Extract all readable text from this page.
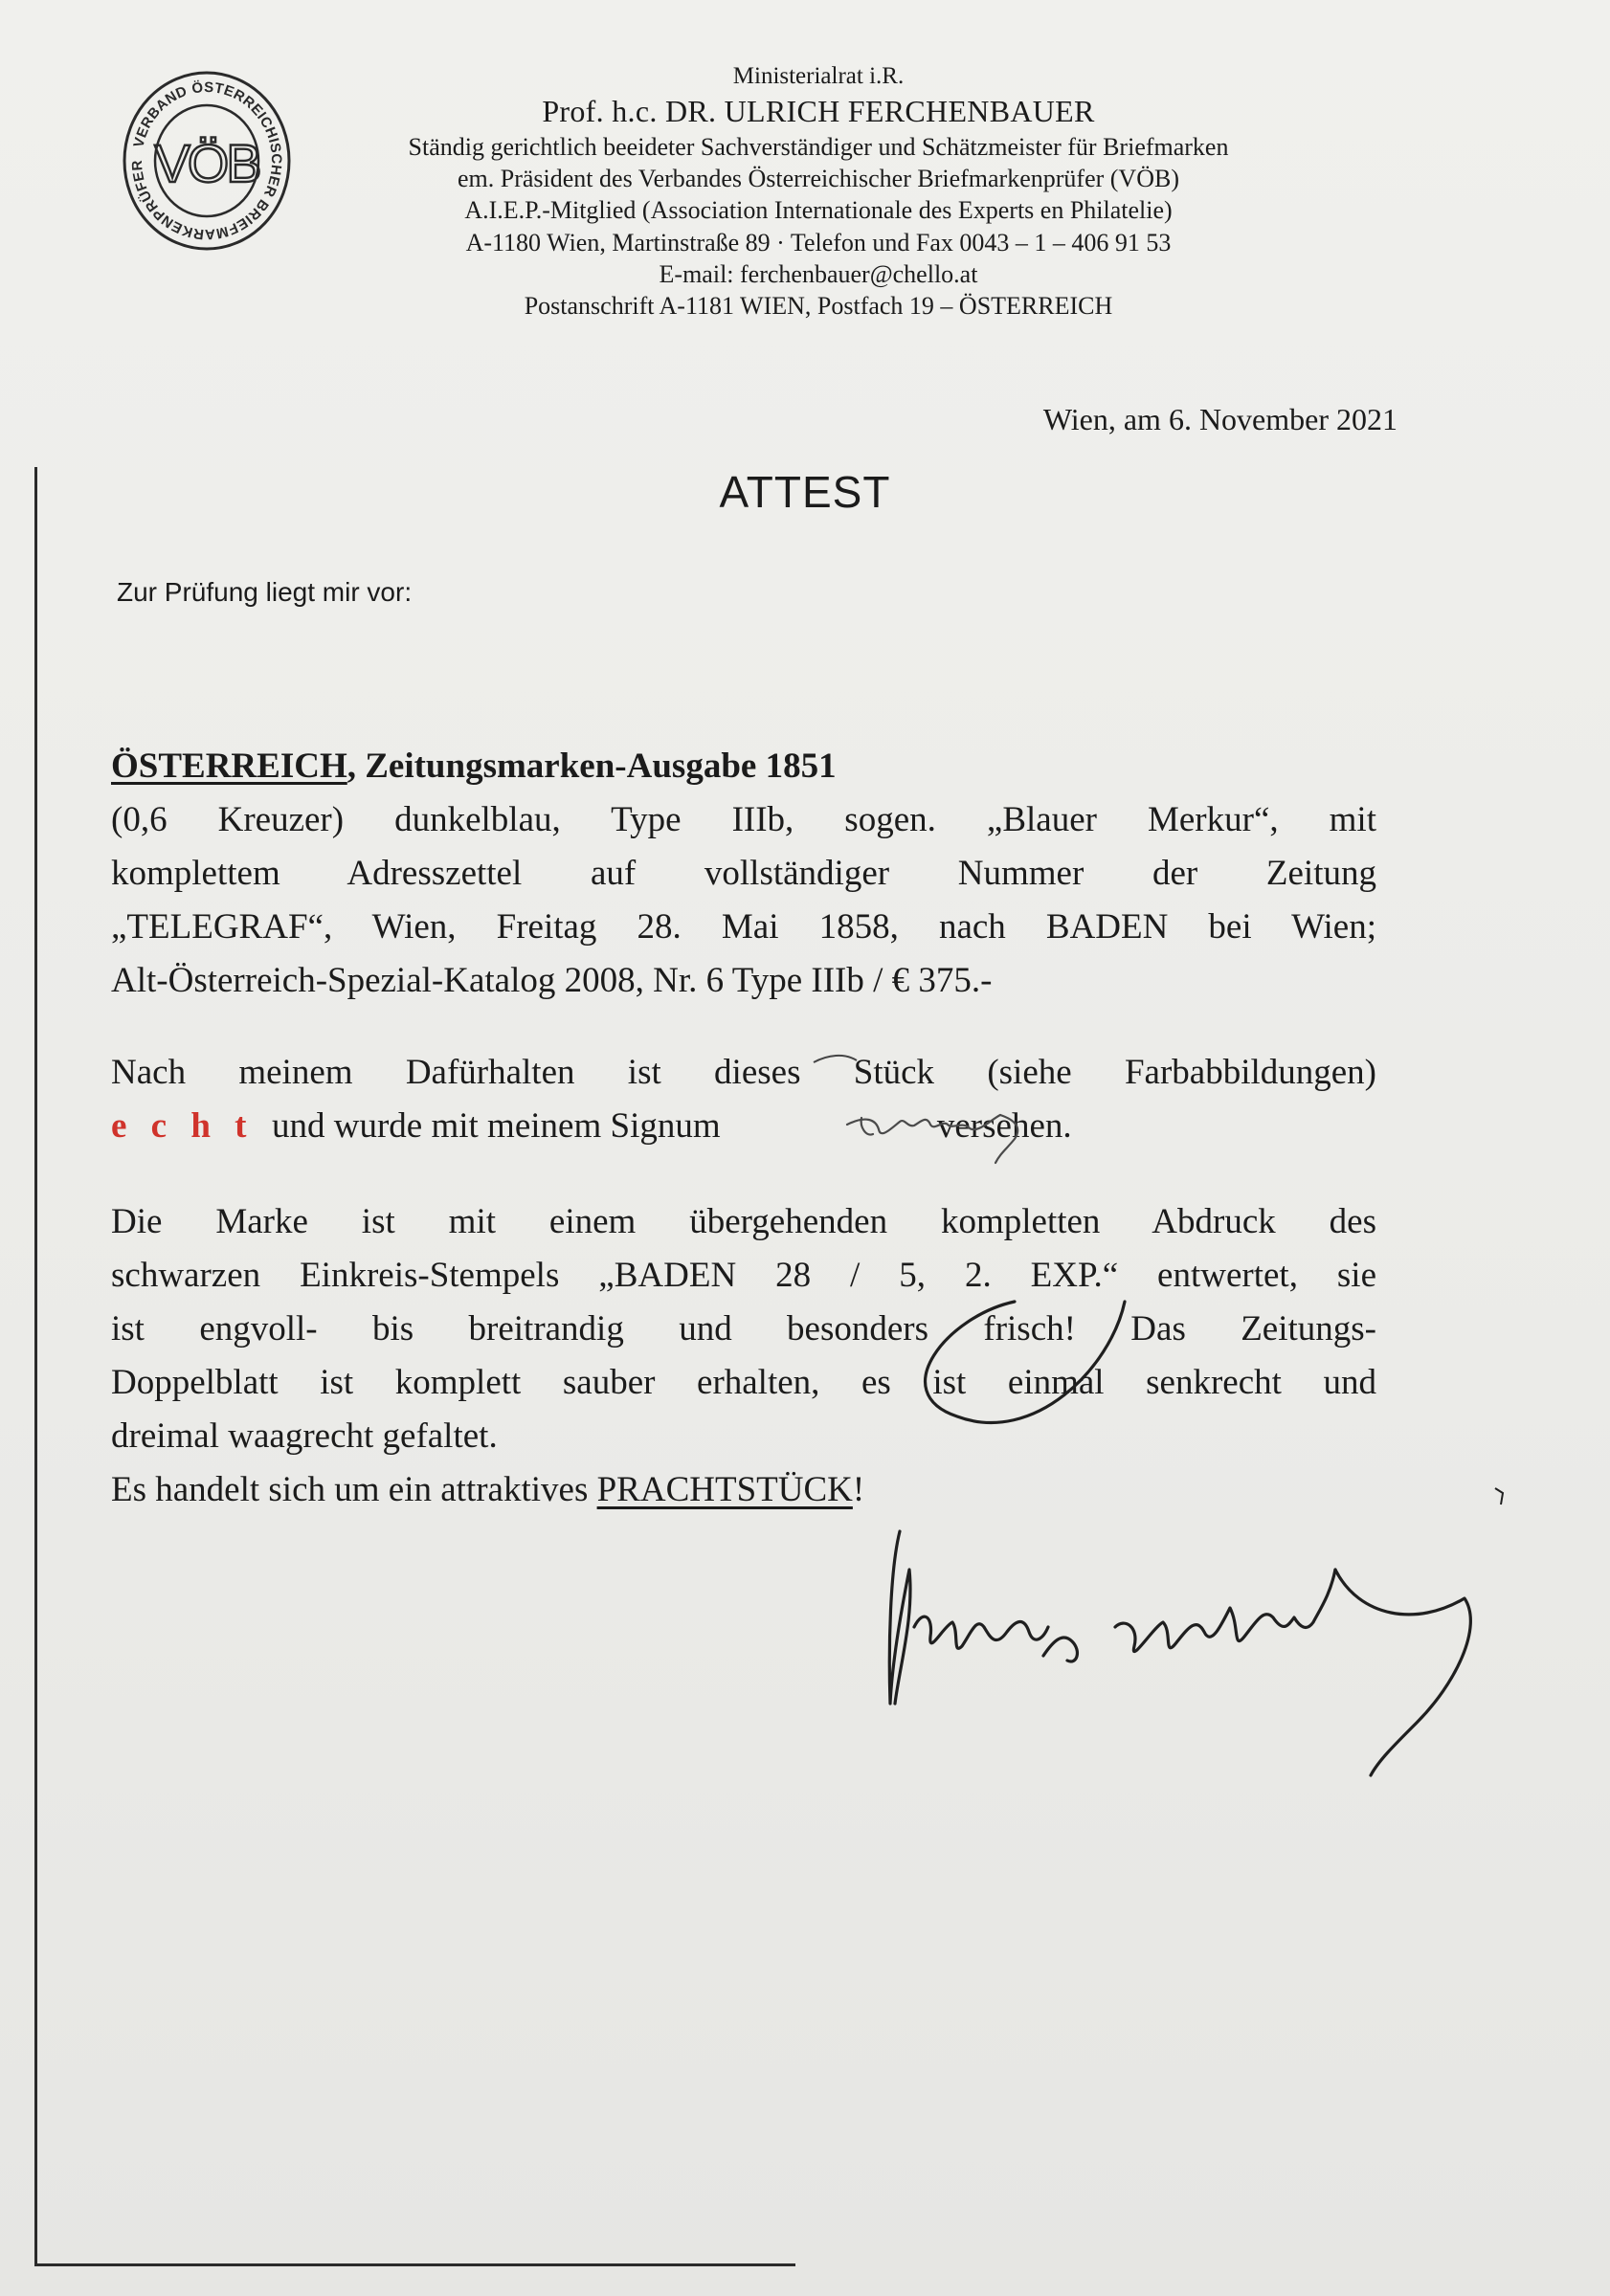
VERBAND ÖSTERREICHISCHER BRIEFMARKENPRÜFER VÖB
Ministerialrat i.R.
Prof. h.c. DR. ULRICH FERCHENBAUER
Ständig gerichtlich beeideter Sachverständiger und Schätzmeister für Briefmarken
em. Präsident des Verbandes Österreichischer Briefmarkenprüfer (VÖB)
A.I.E.P.-Mitglied (Association Internationale des Experts en Philatelie)
A-1180 Wien, Martinstraße 89 · Telefon und Fax 0043 – 1 – 406 91 53
E-mail: ferchenbauer@chello.at
Postanschrift A-1181 WIEN, Postfach 19 – ÖSTERREICH
Wien, am 6. November 2021
ATTEST
Zur Prüfung liegt mir vor:

ÖSTERREICH, Zeitungsmarken-Ausgabe 1851

(0,6 Kreuzer) dunkelblau, Type IIIb, sogen. „Blauer Merkur“, mit

komplettem Adresszettel auf vollständiger Nummer der Zeitung

„TELEGRAF“, Wien, Freitag 28. Mai 1858, nach BADEN bei Wien;

Alt-Österreich-Spezial-Katalog 2008, Nr. 6 Type IIIb / € 375.-

Nach meinem Dafürhalten ist dieses Stück (siehe Farbabbildungen)

e c h t und wurde mit meinem Signum	versehen.

Die Marke ist mit einem übergehenden kompletten Abdruck des

schwarzen Einkreis-Stempels „BADEN 28 / 5, 2. EXP.“ entwertet, sie

ist engvoll- bis breitrandig und besonders frisch! Das Zeitungs-

Doppelblatt ist komplett sauber erhalten, es ist einmal senkrecht und

dreimal waagrecht gefaltet.

Es handelt sich um ein attraktives PRACHTSTÜCK!
